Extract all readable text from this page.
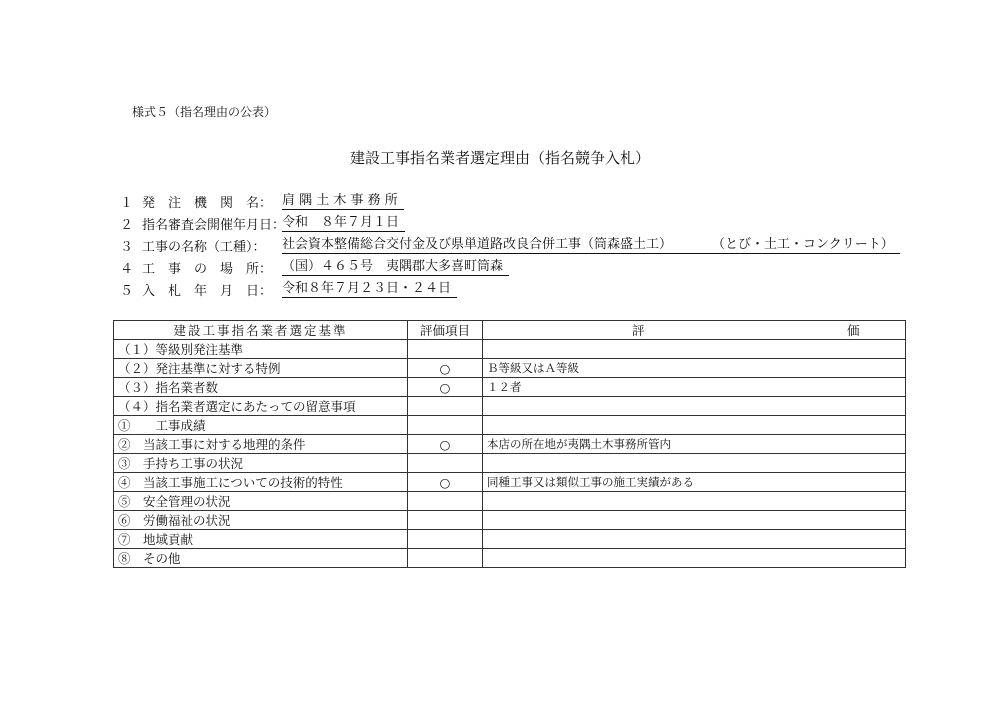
様式５（指名理由の公表）
建設工事指名業者選定理由（指名競争入札）
１ 発　注　機　関　名： 肩 隅 土 木 事 務 所
２ 指名審査会開催年月日：
令和　８年７月１日
３ 工事の名称（工種）：	社会資本整備総合交付金及び県単道路改良合併工事（筒森盛土工）	（とび・土工・コンクリート）
４ 工　事　の　場　所： （国）４６５号　夷隅郡大多喜町筒森
５ 入　札　年　月　日： 令和８年７月２３日・２４日
建設工事指名業者選定基準	評価項目	評 価
（１）等級別発注基準		
（２）発注基準に対する特例	○	Ｂ等級又はＡ等級
（３）指名業者数	○	１２者
（４）指名業者選定にあたっての留意事項		
①　　工事成績		
②　当該工事に対する地理的条件	○	本店の所在地が夷隅土木事務所管内
③　手持ち工事の状況		
④　当該工事施工についての技術的特性	○	同種工事又は類似工事の施工実績がある
⑤　安全管理の状況		
⑥　労働福祉の状況		
⑦　地域貢献		
⑧　その他		
